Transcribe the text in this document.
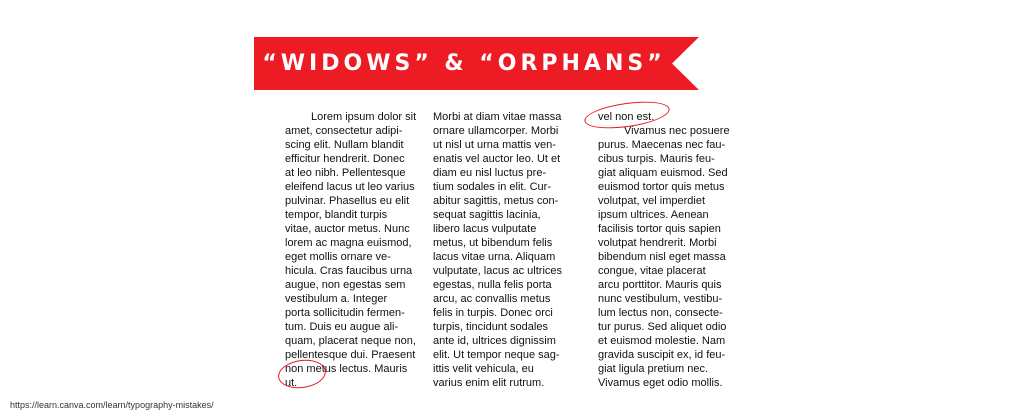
“WIDOWS” & “ORPHANS”
Lorem ipsum dolor sit
amet, consectetur adipi-
scing elit. Nullam blandit
efficitur hendrerit. Donec
at leo nibh. Pellentesque
eleifend lacus ut leo varius
pulvinar. Phasellus eu elit
tempor, blandit turpis
vitae, auctor metus. Nunc
lorem ac magna euismod,
eget mollis ornare ve-
hicula. Cras faucibus urna
augue, non egestas sem
vestibulum a. Integer
porta sollicitudin fermen-
tum. Duis eu augue ali-
quam, placerat neque non,
pellentesque dui. Praesent
non metus lectus. Mauris
ut.
Morbi at diam vitae massa
ornare ullamcorper. Morbi
ut nisl ut urna mattis ven-
enatis vel auctor leo. Ut et
diam eu nisl luctus pre-
tium sodales in elit. Cur-
abitur sagittis, metus con-
sequat sagittis lacinia,
libero lacus vulputate
metus, ut bibendum felis
lacus vitae urna. Aliquam
vulputate, lacus ac ultrices
egestas, nulla felis porta
arcu, ac convallis metus
felis in turpis. Donec orci
turpis, tincidunt sodales
ante id, ultrices dignissim
elit. Ut tempor neque sag-
ittis velit vehicula, eu
varius enim elit rutrum.
vel non est.
Vivamus nec posuere
purus. Maecenas nec fau-
cibus turpis. Mauris feu-
giat aliquam euismod. Sed
euismod tortor quis metus
volutpat, vel imperdiet
ipsum ultrices. Aenean
facilisis tortor quis sapien
volutpat hendrerit. Morbi
bibendum nisl eget massa
congue, vitae placerat
arcu porttitor. Mauris quis
nunc vestibulum, vestibu-
lum lectus non, consecte-
tur purus. Sed aliquet odio
et euismod molestie. Nam
gravida suscipit ex, id feu-
giat ligula pretium nec.
Vivamus eget odio mollis.
https://learn.canva.com/learn/typography-mistakes/
